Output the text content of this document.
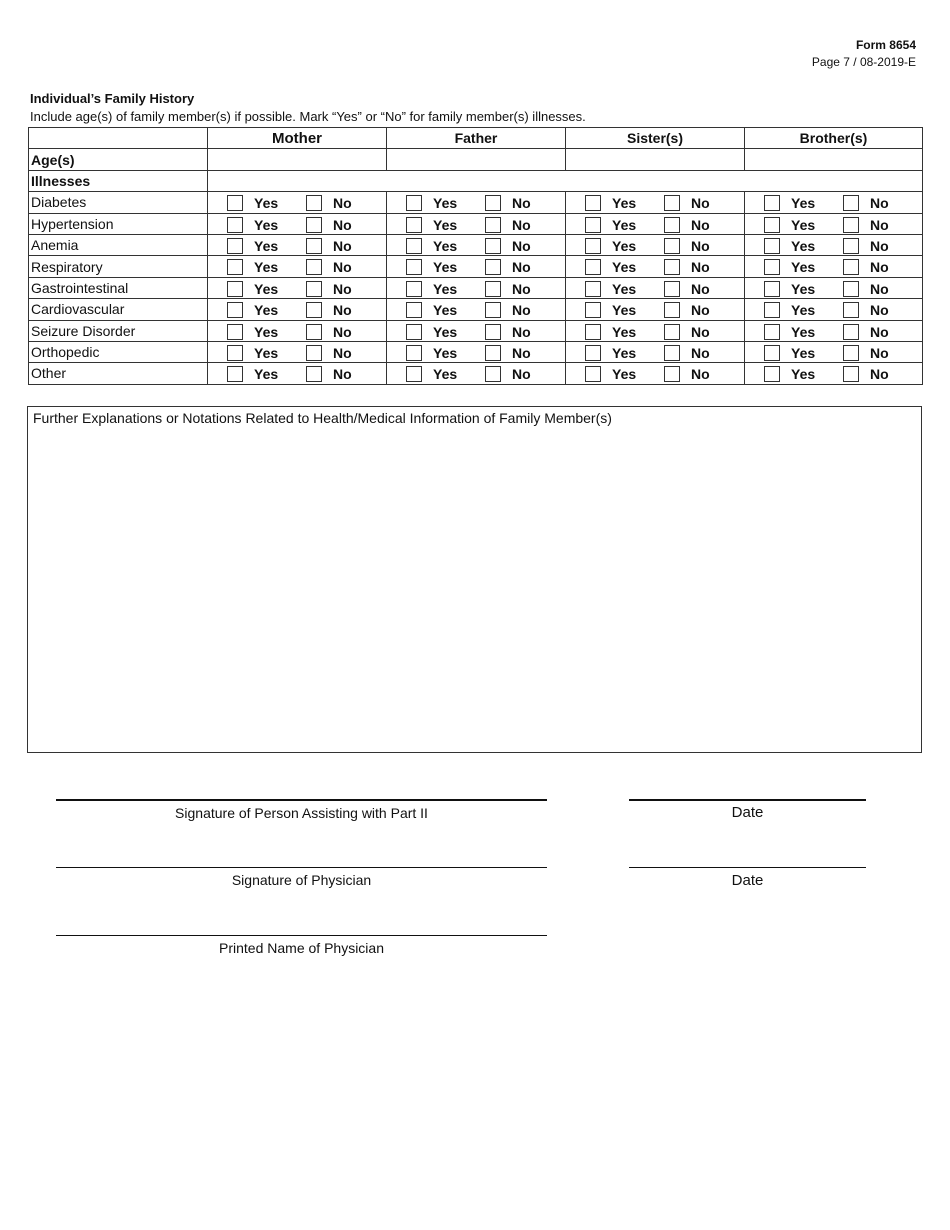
Form 8654
Page 7 / 08-2019-E
Individual’s Family History
Include age(s) of family member(s) if possible. Mark “Yes” or “No” for family member(s) illnesses.
	Mother	Father	Sister(s)	Brother(s)
Age(s)				
Illnesses				
Diabetes	Yes No	Yes No	Yes No	Yes No

Hypertension	Yes No	Yes No	Yes No	Yes No

Anemia	Yes No	Yes No	Yes No	Yes No

Respiratory	Yes No	Yes No	Yes No	Yes No

Gastrointestinal	Yes No	Yes No	Yes No	Yes No

Cardiovascular	Yes No	Yes No	Yes No	Yes No

Seizure Disorder	Yes No	Yes No	Yes No	Yes No

Orthopedic	Yes No	Yes No	Yes No	Yes No

Other	Yes No	Yes No	Yes No	Yes No
Further Explanations or Notations Related to Health/Medical Information of Family Member(s)
Signature of Person Assisting with Part II	Date
Signature of Physician	Date
Printed Name of Physician
